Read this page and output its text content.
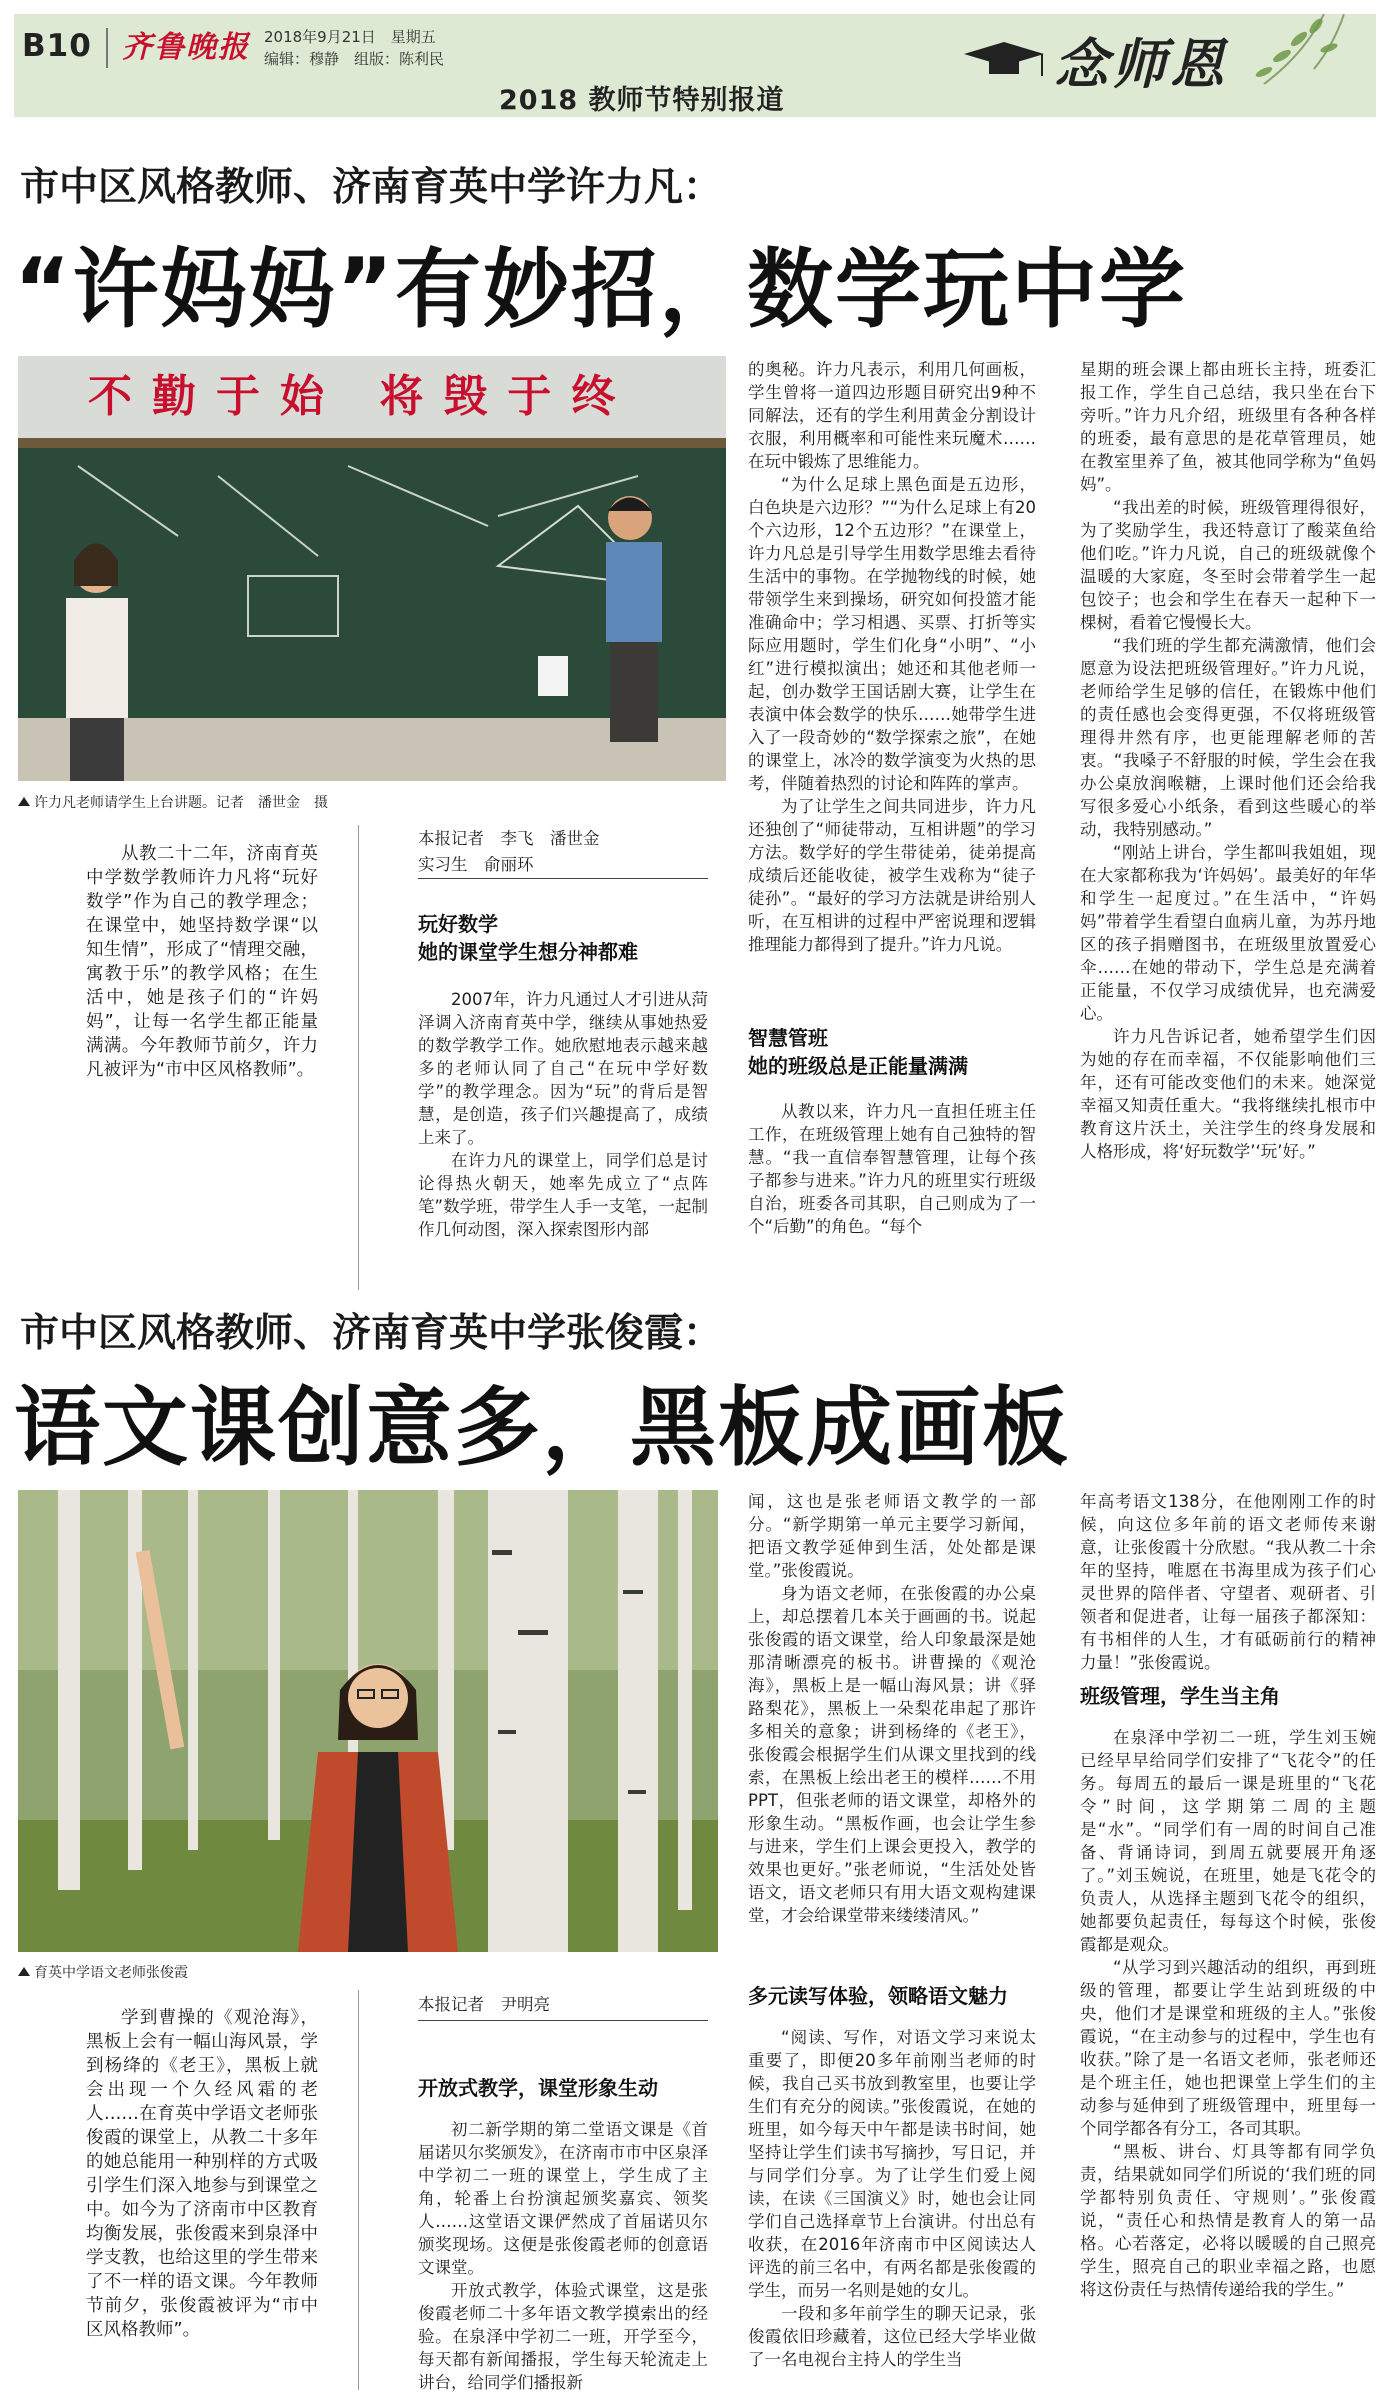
B10 齐鲁晚报 2018年9月21日　星期五
编辑：穆静　组版：陈利民
2018 教师节特别报道
念师恩
市中区风格教师、济南育英中学许力凡：
“许妈妈”有妙招，数学玩中学
不勤于始 将毁于终
许力凡老师请学生上台讲题。记者　潘世金　摄

从教二十二年，济南育英中学数学教师许力凡将“玩好数学”作为自己的教学理念；在课堂中，她坚持数学课“以知生情”，形成了“情理交融，寓教于乐”的教学风格；在生活中，她是孩子们的“许妈妈”，让每一名学生都正能量满满。今年教师节前夕，许力凡被评为“市中区风格教师”。

本报记者　李飞　潘世金
实习生　俞丽环
玩好数学
她的课堂学生想分神都难

2007年，许力凡通过人才引进从菏泽调入济南育英中学，继续从事她热爱的数学教学工作。她欣慰地表示越来越多的老师认同了自己“在玩中学好数学”的教学理念。因为“玩”的背后是智慧，是创造，孩子们兴趣提高了，成绩上来了。

在许力凡的课堂上，同学们总是讨论得热火朝天，她率先成立了“点阵笔”数学班，带学生人手一支笔，一起制作几何动图，深入探索图形内部

的奥秘。许力凡表示，利用几何画板，学生曾将一道四边形题目研究出9种不同解法，还有的学生利用黄金分割设计衣服，利用概率和可能性来玩魔术……在玩中锻炼了思维能力。

“为什么足球上黑色面是五边形，白色块是六边形？”“为什么足球上有20个六边形，12个五边形？”在课堂上，许力凡总是引导学生用数学思维去看待生活中的事物。在学抛物线的时候，她带领学生来到操场，研究如何投篮才能准确命中；学习相遇、买票、打折等实际应用题时，学生们化身“小明”、“小红”进行模拟演出；她还和其他老师一起，创办数学王国话剧大赛，让学生在表演中体会数学的快乐……她带学生进入了一段奇妙的“数学探索之旅”，在她的课堂上，冰冷的数学演变为火热的思考，伴随着热烈的讨论和阵阵的掌声。

为了让学生之间共同进步，许力凡还独创了“师徒带动，互相讲题”的学习方法。数学好的学生带徒弟，徒弟提高成绩后还能收徒，被学生戏称为“徒子徒孙”。“最好的学习方法就是讲给别人听，在互相讲的过程中严密说理和逻辑推理能力都得到了提升。”许力凡说。

智慧管班
她的班级总是正能量满满

从教以来，许力凡一直担任班主任工作，在班级管理上她有自己独特的智慧。“我一直信奉智慧管理，让每个孩子都参与进来。”许力凡的班里实行班级自治，班委各司其职，自己则成为了一个“后勤”的角色。“每个

星期的班会课上都由班长主持，班委汇报工作，学生自己总结，我只坐在台下旁听。”许力凡介绍，班级里有各种各样的班委，最有意思的是花草管理员，她在教室里养了鱼，被其他同学称为“鱼妈妈”。

“我出差的时候，班级管理得很好，为了奖励学生，我还特意订了酸菜鱼给他们吃。”许力凡说，自己的班级就像个温暖的大家庭，冬至时会带着学生一起包饺子；也会和学生在春天一起种下一棵树，看着它慢慢长大。

“我们班的学生都充满激情，他们会愿意为设法把班级管理好。”许力凡说，老师给学生足够的信任，在锻炼中他们的责任感也会变得更强，不仅将班级管理得井然有序，也更能理解老师的苦衷。“我嗓子不舒服的时候，学生会在我办公桌放润喉糖，上课时他们还会给我写很多爱心小纸条，看到这些暖心的举动，我特别感动。”

“刚站上讲台，学生都叫我姐姐，现在大家都称我为‘许妈妈’。最美好的年华和学生一起度过。”在生活中，“许妈妈”带着学生看望白血病儿童，为苏丹地区的孩子捐赠图书，在班级里放置爱心伞……在她的带动下，学生总是充满着正能量，不仅学习成绩优异，也充满爱心。

许力凡告诉记者，她希望学生们因为她的存在而幸福，不仅能影响他们三年，还有可能改变他们的未来。她深觉幸福又知责任重大。“我将继续扎根市中教育这片沃土，关注学生的终身发展和人格形成，将‘好玩数学’‘玩’好。”

市中区风格教师、济南育英中学张俊霞：
语文课创意多，黑板成画板
育英中学语文老师张俊霞

学到曹操的《观沧海》，黑板上会有一幅山海风景，学到杨绛的《老王》，黑板上就会出现一个久经风霜的老人……在育英中学语文老师张俊霞的课堂上，从教二十多年的她总能用一种别样的方式吸引学生们深入地参与到课堂之中。如今为了济南市中区教育均衡发展，张俊霞来到泉泽中学支教，也给这里的学生带来了不一样的语文课。今年教师节前夕，张俊霞被评为“市中区风格教师”。

本报记者　尹明亮
开放式教学，课堂形象生动

初二新学期的第二堂语文课是《首届诺贝尔奖颁发》，在济南市市中区泉泽中学初二一班的课堂上，学生成了主角，轮番上台扮演起颁奖嘉宾、领奖人……这堂语文课俨然成了首届诺贝尔颁奖现场。这便是张俊霞老师的创意语文课堂。

开放式教学，体验式课堂，这是张俊霞老师二十多年语文教学摸索出的经验。在泉泽中学初二一班，开学至今，每天都有新闻播报，学生每天轮流走上讲台，给同学们播报新

闻，这也是张老师语文教学的一部分。“新学期第一单元主要学习新闻，把语文教学延伸到生活，处处都是课堂。”张俊霞说。

身为语文老师，在张俊霞的办公桌上，却总摆着几本关于画画的书。说起张俊霞的语文课堂，给人印象最深是她那清晰漂亮的板书。讲曹操的《观沧海》，黑板上是一幅山海风景；讲《驿路梨花》，黑板上一朵梨花串起了那许多相关的意象；讲到杨绛的《老王》，张俊霞会根据学生们从课文里找到的线索，在黑板上绘出老王的模样……不用PPT，但张老师的语文课堂，却格外的形象生动。“黑板作画，也会让学生参与进来，学生们上课会更投入，教学的效果也更好。”张老师说，“生活处处皆语文，语文老师只有用大语文观构建课堂，才会给课堂带来缕缕清风。”

多元读写体验，领略语文魅力

“阅读、写作，对语文学习来说太重要了，即便20多年前刚当老师的时候，我自己买书放到教室里，也要让学生们有充分的阅读。”张俊霞说，在她的班里，如今每天中午都是读书时间，她坚持让学生们读书写摘抄，写日记，并与同学们分享。为了让学生们爱上阅读，在读《三国演义》时，她也会让同学们自己选择章节上台演讲。付出总有收获，在2016年济南市中区阅读达人评选的前三名中，有两名都是张俊霞的学生，而另一名则是她的女儿。

一段和多年前学生的聊天记录，张俊霞依旧珍藏着，这位已经大学毕业做了一名电视台主持人的学生当

年高考语文138分，在他刚刚工作的时候，向这位多年前的语文老师传来谢意，让张俊霞十分欣慰。“我从教二十余年的坚持，唯愿在书海里成为孩子们心灵世界的陪伴者、守望者、观研者、引领者和促进者，让每一届孩子都深知：有书相伴的人生，才有砥砺前行的精神力量！”张俊霞说。

班级管理，学生当主角

在泉泽中学初二一班，学生刘玉婉已经早早给同学们安排了“飞花令”的任务。每周五的最后一课是班里的“飞花令”时间，这学期第二周的主题是“水”。“同学们有一周的时间自己准备、背诵诗词，到周五就要展开角逐了。”刘玉婉说，在班里，她是飞花令的负责人，从选择主题到飞花令的组织，她都要负起责任，每每这个时候，张俊霞都是观众。

“从学习到兴趣活动的组织，再到班级的管理，都要让学生站到班级的中央，他们才是课堂和班级的主人。”张俊霞说，“在主动参与的过程中，学生也有收获。”除了是一名语文老师，张老师还是个班主任，她也把课堂上学生们的主动参与延伸到了班级管理中，班里每一个同学都各有分工，各司其职。

“黑板、讲台、灯具等都有同学负责，结果就如同学们所说的‘我们班的同学都特别负责任、守规则’。”张俊霞说，“责任心和热情是教育人的第一品格。心若落定，必将以暖暖的自己照亮学生，照亮自己的职业幸福之路，也愿将这份责任与热情传递给我的学生。”
